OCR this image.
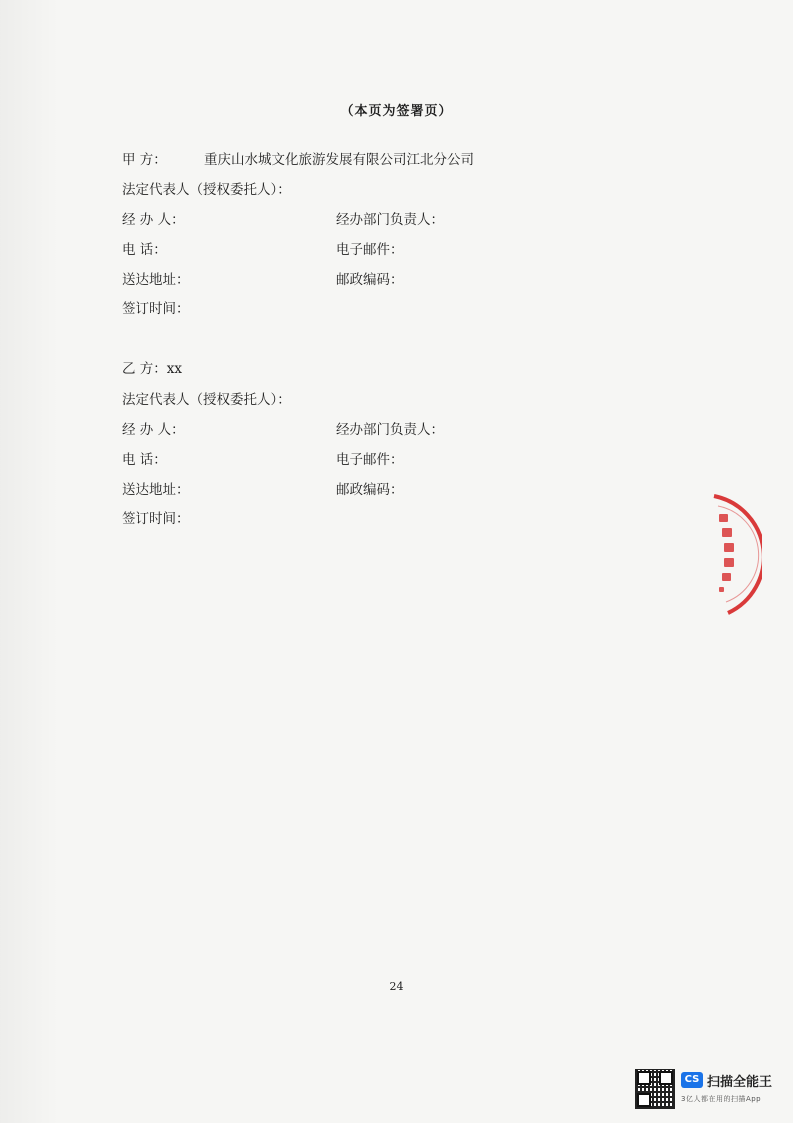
（本页为签署页）
甲 方：	重庆山水城文化旅游发展有限公司江北分公司
法定代表人（授权委托人）：
经 办 人：	经办部门负责人：
电 话：	电子邮件：
送达地址：	邮政编码：
签订时间：
乙 方：xx
法定代表人（授权委托人）：
经 办 人：	经办部门负责人：
电 话：	电子邮件：
送达地址：	邮政编码：
签订时间：
24
CS 扫描全能王
3亿人都在用的扫描App
